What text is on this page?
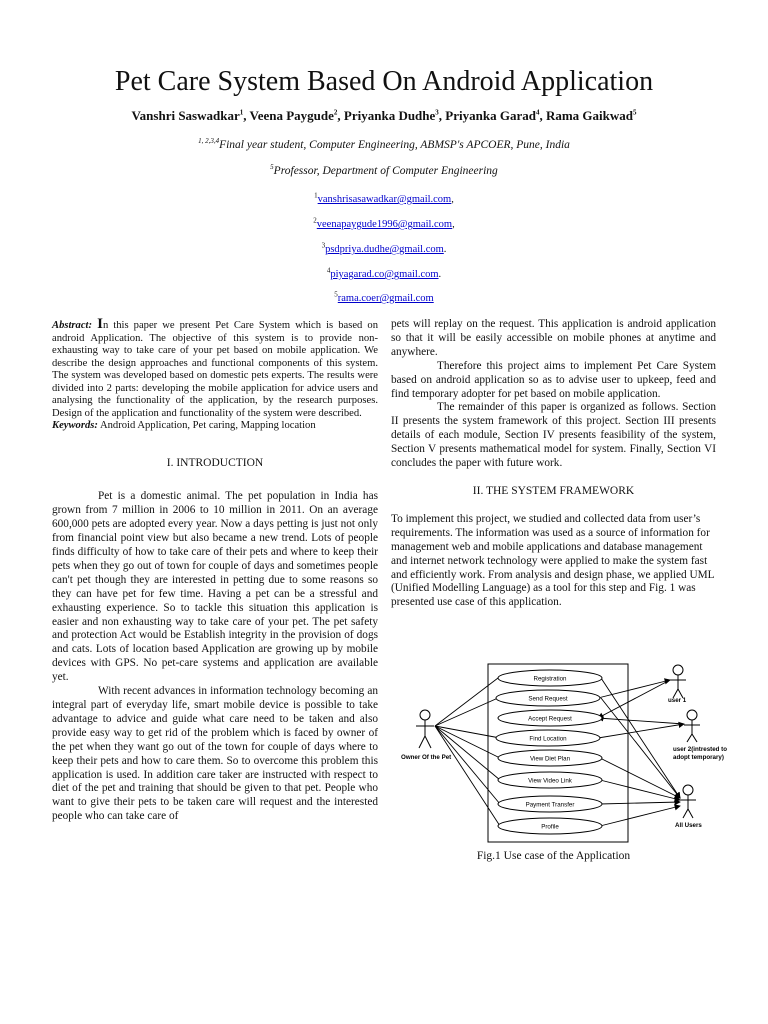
Pet Care System Based On Android Application
Vanshri Saswadkar$^1$, Veena Paygude$^2$, Priyanka Dudhe$^3$, Priyanka Garad$^4$, Rama Gaikwad$^5$
$^{1, 2,3,4}$Final year student, Computer Engineering, ABMSP's APCOER, Pune, India
$^5$Professor, Department of Computer Engineering
$^1$vanshrisasawadkar@gmail.com,
$^2$veenapaygude1996@gmail.com,
$^3$psdpriya.dudhe@gmail.com.
$^4$piyagarad.co@gmail.com.
$^5$rama.coer@gmail.com

Abstract: In this paper we present Pet Care System which is based on android Application. The objective of this system is to provide non-exhausting way to take care of your pet based on mobile application. We describe the design approaches and functional components of this system. The system was developed based on domestic pets experts. The results were divided into 2 parts: developing the mobile application for advice users and analysing the functionality of the application, by the research purposes. Design of the application and functionality of the system were described.

Keywords: Android Application, Pet caring, Mapping location

I. INTRODUCTION

Pet is a domestic animal. The pet population in India has grown from 7 million in 2006 to 10 million in 2011. On an average 600,000 pets are adopted every year. Now a days petting is just not only from financial point view but also became a new trend. Lots of people finds difficulty of how to take care of their pets and where to keep their pets when they go out of town for couple of days and sometimes people can't pet though they are interested in petting due to some reasons so they can have pet for few time. Having a pet can be a stressful and exhausting experience. So to tackle this situation this application is easier and non exhausting way to take care of your pet. The pet safety and protection Act would be Establish integrity in the provision of dogs and cats. Lots of location based Application are growing up by mobile devices with GPS. No pet-care systems and application are available yet.

With recent advances in information technology becoming an integral part of everyday life, smart mobile device is possible to take advantage to advice and guide what care need to be taken and also provide easy way to get rid of the problem which is faced by owner of the pet when they want go out of the town for couple of days where to keep their pets and how to care them. So to overcome this problem this application is used. In addition care taker are instructed with respect to diet of the pet and training that should be given to that pet. People who want to give their pets to be taken care will request and the interested people who can take care of

pets will replay on the request. This application is android application so that it will be easily accessible on mobile phones at anytime and anywhere.

Therefore this project aims to implement Pet Care System based on android application so as to advise user to upkeep, feed and find temporary adopter for pet based on mobile application.

The remainder of this paper is organized as follows. Section II presents the system framework of this project. Section III presents details of each module, Section IV presents feasibility of the system, Section V presents mathematical model for system. Finally, Section VI concludes the paper with future work.

II. THE SYSTEM FRAMEWORK

To implement this project, we studied and collected data from user’s requirements. The information was used as a source of information for management web and mobile applications and database management and internet network technology were applied to make the system fast and efficiently work. From analysis and design phase, we applied UML (Unified Modelling Language) as a tool for this step and Fig. 1 was presented use case of this application.

Owner Of the Pet
user 1
user 2(intrested to
adopt temporary)
All Users
Registration
Send Request
Accept Request
Find Location
View Diet Plan
View Video Link
Payment Transfer
Profile
Fig.1 Use case of the Application
